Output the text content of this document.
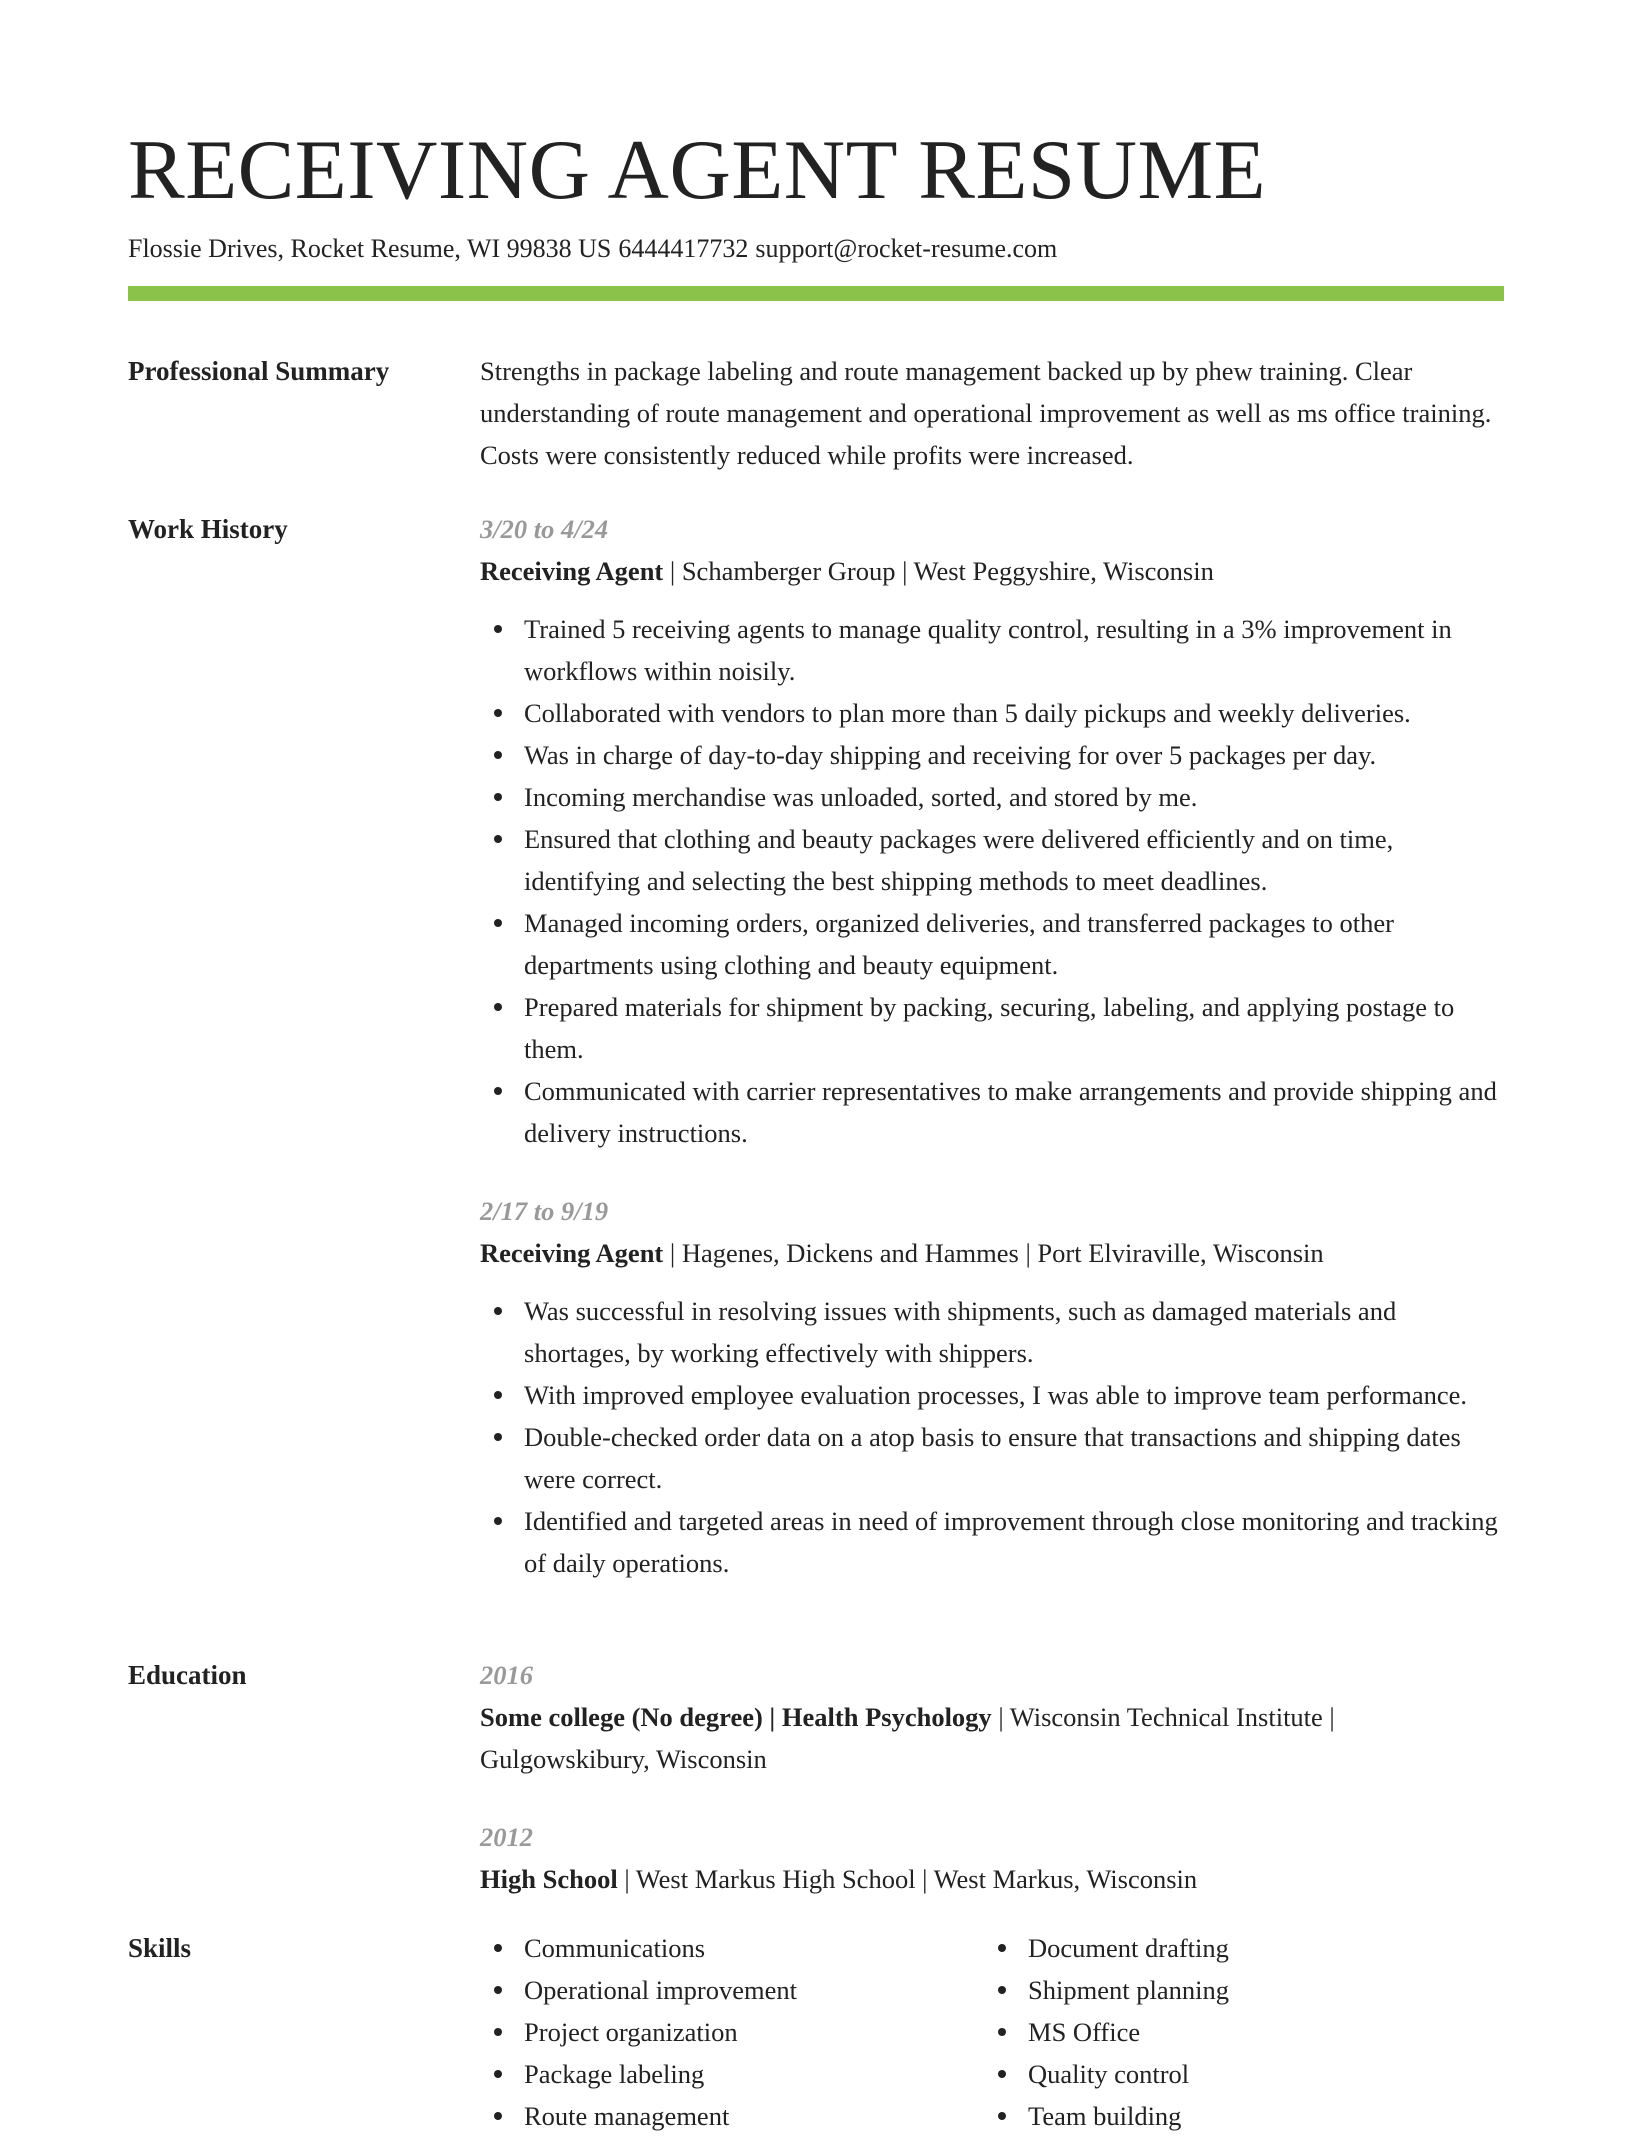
RECEIVING AGENT RESUME
Flossie Drives, Rocket Resume, WI 99838 US 6444417732 support@rocket-resume.com
Professional Summary	Strengths in package labeling and route management backed up by phew training. Clear understanding of route management and operational improvement as well as ms office training. Costs were consistently reduced while profits were increased.
Work History	3/20 to 4/24
Receiving Agent | Schamberger Group | West Peggyshire, Wisconsin
Trained 5 receiving agents to manage quality control, resulting in a 3% improvement in workflows within noisily.
Collaborated with vendors to plan more than 5 daily pickups and weekly deliveries.
Was in charge of day-to-day shipping and receiving for over 5 packages per day.
Incoming merchandise was unloaded, sorted, and stored by me.
Ensured that clothing and beauty packages were delivered efficiently and on time, identifying and selecting the best shipping methods to meet deadlines.
Managed incoming orders, organized deliveries, and transferred packages to other departments using clothing and beauty equipment.
Prepared materials for shipment by packing, securing, labeling, and applying postage to them.
Communicated with carrier representatives to make arrangements and provide shipping and delivery instructions.
2/17 to 9/19
Receiving Agent | Hagenes, Dickens and Hammes | Port Elviraville, Wisconsin
Was successful in resolving issues with shipments, such as damaged materials and shortages, by working effectively with shippers.
With improved employee evaluation processes, I was able to improve team performance.
Double-checked order data on a atop basis to ensure that transactions and shipping dates were correct.
Identified and targeted areas in need of improvement through close monitoring and tracking of daily operations.
Education	2016
Some college (No degree) | Health Psychology | Wisconsin Technical Institute | Gulgowskibury, Wisconsin
2012
High School | West Markus High School | West Markus, Wisconsin
Skills	Communications
Operational improvement
Project organization
Package labeling
Route management
Document drafting
Shipment planning
MS Office
Quality control
Team building
